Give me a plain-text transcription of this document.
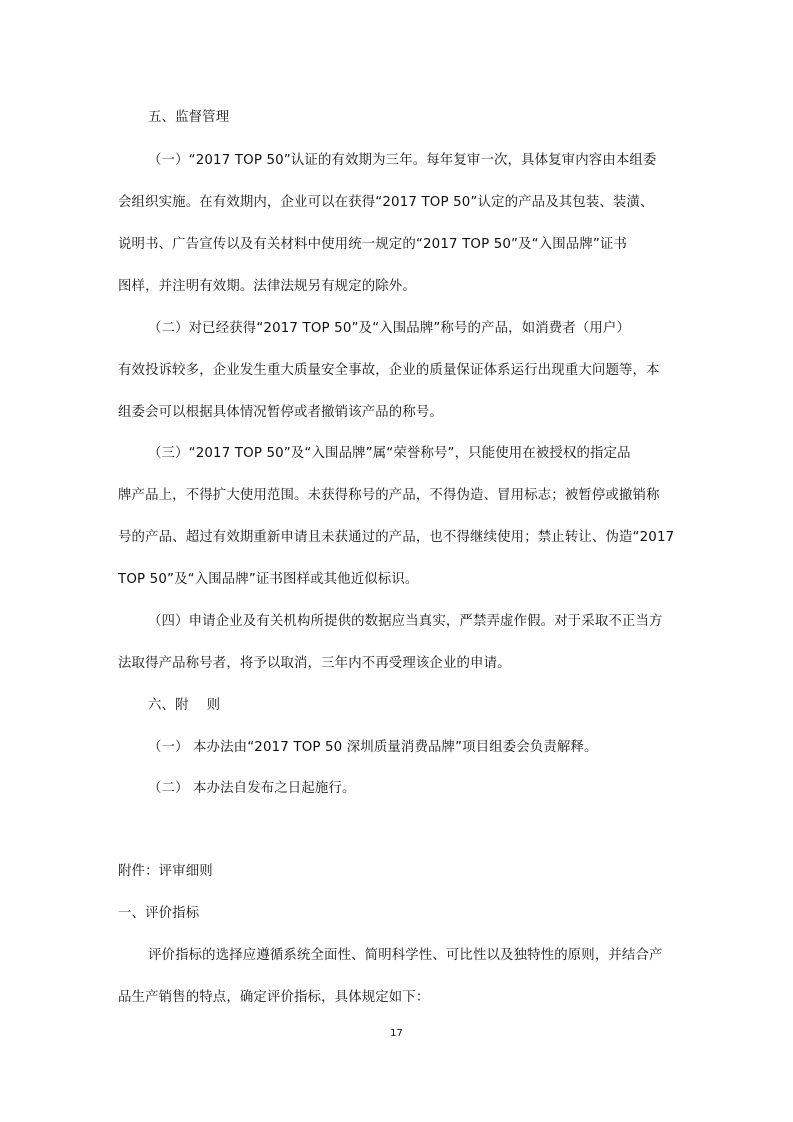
五、监督管理
（一）“2017 TOP 50”认证的有效期为三年。每年复审一次，具体复审内容由本组委
会组织实施。在有效期内，企业可以在获得“2017 TOP 50”认定的产品及其包装、装潢、
说明书、广告宣传以及有关材料中使用统一规定的“2017 TOP 50”及“入围品牌”证书
图样，并注明有效期。法律法规另有规定的除外。
（二）对已经获得“2017 TOP 50”及“入围品牌”称号的产品，如消费者（用户）
有效投诉较多，企业发生重大质量安全事故，企业的质量保证体系运行出现重大问题等，本
组委会可以根据具体情况暂停或者撤销该产品的称号。
（三）“2017 TOP 50”及“入围品牌”属“荣誉称号”，只能使用在被授权的指定品
牌产品上，不得扩大使用范围。未获得称号的产品，不得伪造、冒用标志；被暂停或撤销称
号的产品、超过有效期重新申请且未获通过的产品，也不得继续使用；禁止转让、伪造“2017
TOP 50”及“入围品牌”证书图样或其他近似标识。
（四）申请企业及有关机构所提供的数据应当真实，严禁弄虚作假。对于采取不正当方
法取得产品称号者，将予以取消，三年内不再受理该企业的申请。
六、附　 则
（一） 本办法由“2017 TOP 50 深圳质量消费品牌”项目组委会负责解释。
（二） 本办法自发布之日起施行。
附件：评审细则
一、评价指标
评价指标的选择应遵循系统全面性、简明科学性、可比性以及独特性的原则，并结合产
品生产销售的特点，确定评价指标，具体规定如下：
17
